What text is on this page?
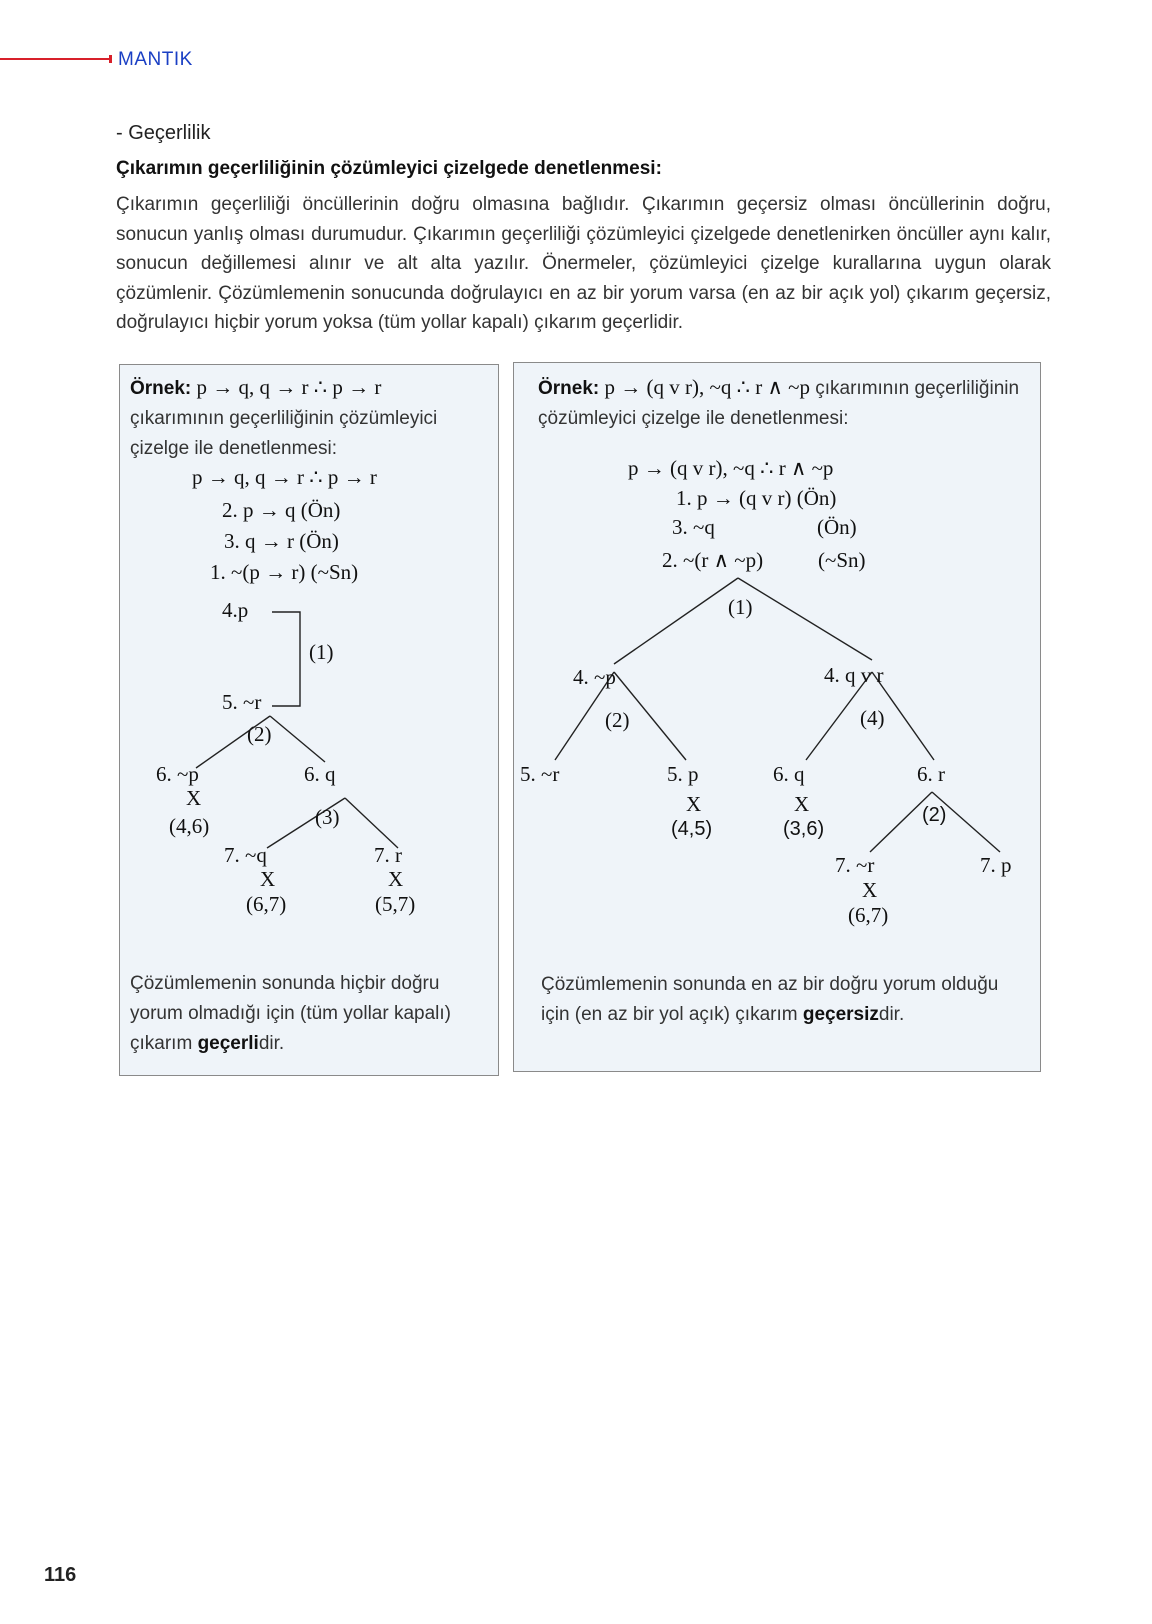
MANTIK
- Geçerlilik
Çıkarımın geçerliliğinin çözümleyici çizelgede denetlenmesi:
Çıkarımın geçerliliği öncüllerinin doğru olmasına bağlıdır. Çıkarımın geçersiz olması öncüllerinin doğru, sonucun yanlış olması durumudur. Çıkarımın geçerliliği çözümleyici çizelgede denetlenirken öncüller aynı kalır, sonucun değillemesi alınır ve alt alta yazılır. Önermeler, çözümleyici çizelge kurallarına uygun olarak çözümlenir. Çözümlemenin sonucunda doğrulayıcı en az bir yorum varsa (en az bir açık yol) çıkarım geçersiz, doğrulayıcı hiçbir yorum yoksa (tüm yollar kapalı) çıkarım geçerlidir.
Örnek: p → q, q → r ∴ p → r çıkarımının geçerliliğinin çözümleyici çizelge ile denetlenmesi:
p → q, q → r ∴ p → r
2. p → q (Ön)
3. q → r (Ön)
1. ~(p → r) (~Sn)
4.p
(1)
5. ~r
(2)
6. ~p
X
(4,6)
6. q
(3)
7. ~q
X
(6,7)
7. r
X
(5,7)
Çözümlemenin sonunda hiçbir doğru yorum olmadığı için (tüm yollar kapalı) çıkarım geçerlidir.
Örnek: p → (q v r), ~q ∴ r ∧ ~p çıkarımının geçerliliğinin çözümleyici çizelge ile denetlenmesi:
p → (q v r), ~q ∴ r ∧ ~p
1. p → (q v r) (Ön)
3. ~q	(Ön)
2. ~(r ∧ ~p)	(~Sn)
(1)
4. ~p	4. q v r
(2)	(4)
5. ~r	5. p
X
(4,5)
6. q
X
(3,6)
6. r
(2)
7. ~r
X
(6,7)
7. p
Çözümlemenin sonunda en az bir doğru yorum olduğu için (en az bir yol açık) çıkarım geçersizdir.
116
